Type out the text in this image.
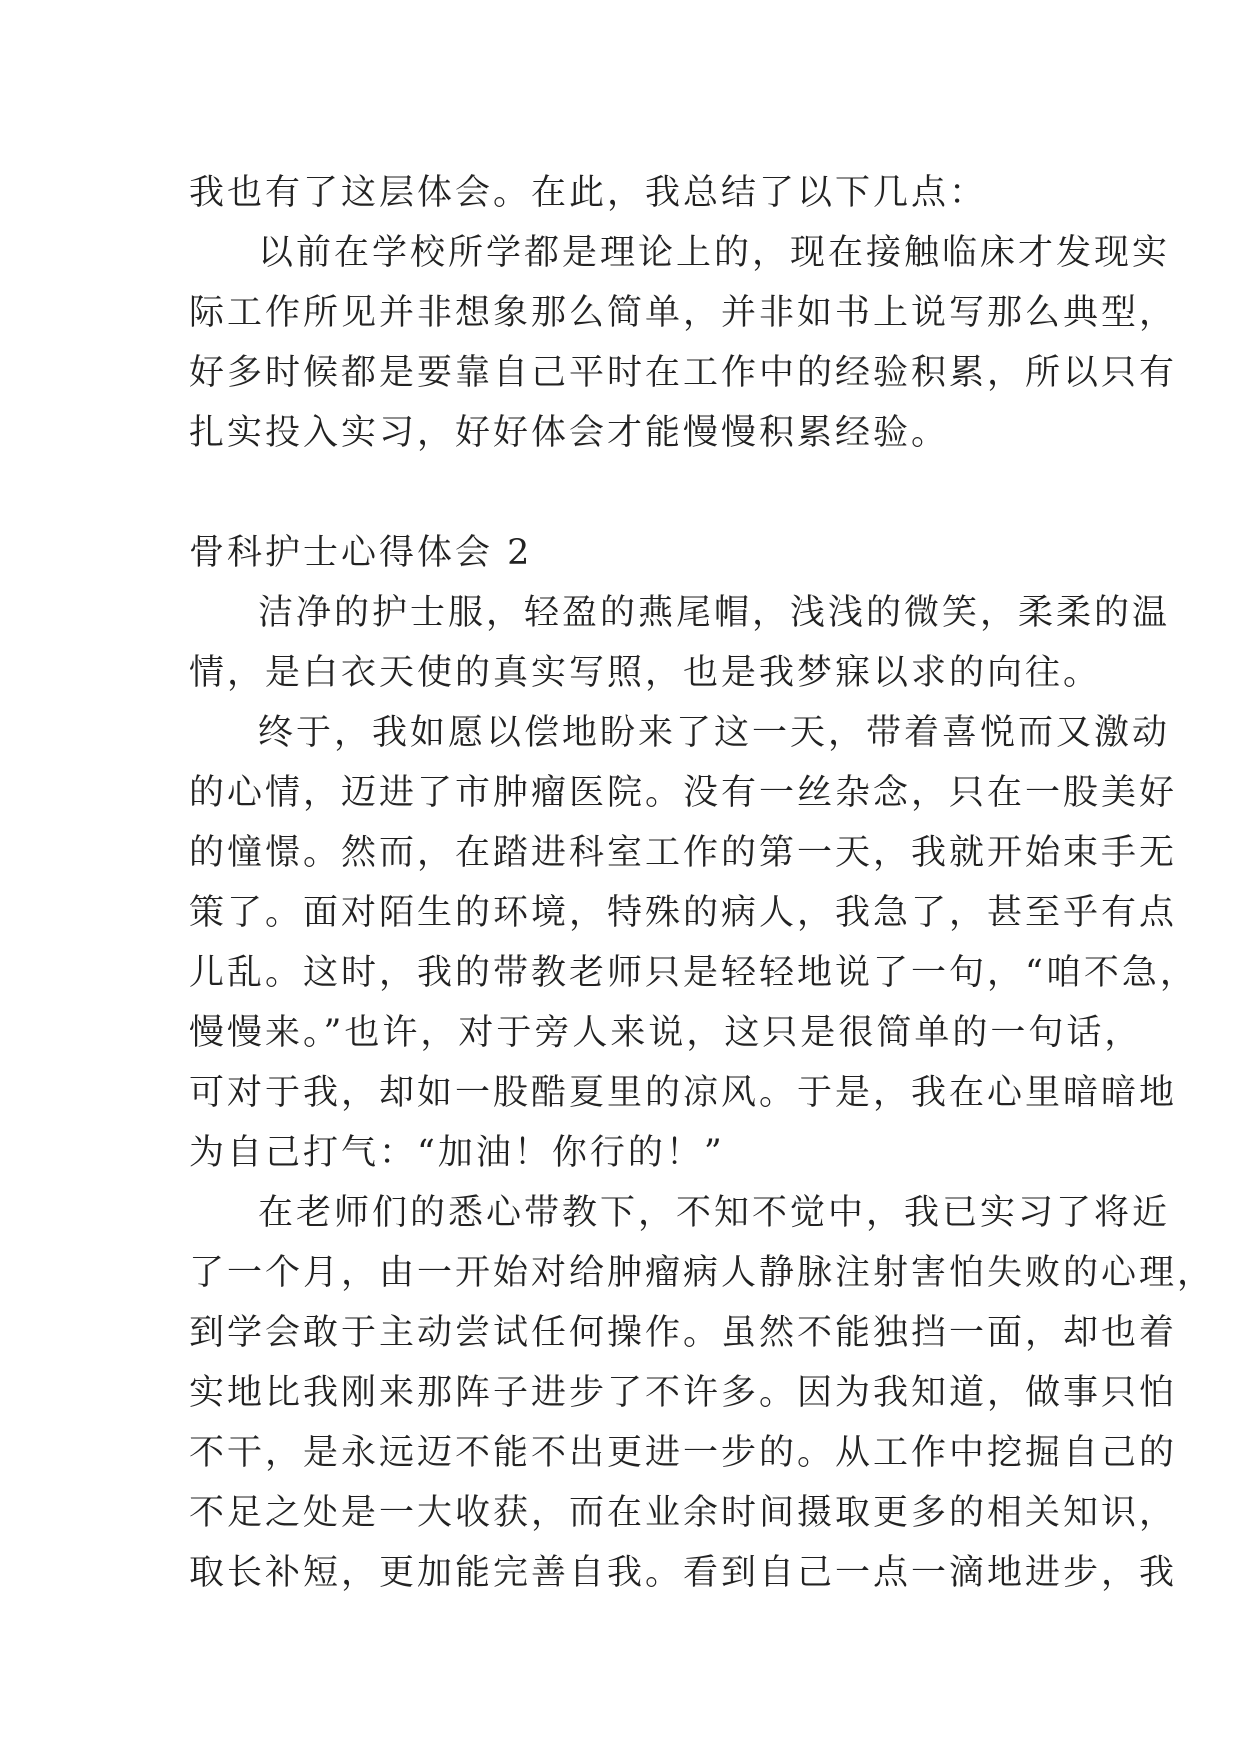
我也有了这层体会。在此，我总结了以下几点：
以前在学校所学都是理论上的，现在接触临床才发现实
际工作所见并非想象那么简单，并非如书上说写那么典型，
好多时候都是要靠自己平时在工作中的经验积累，所以只有
扎实投入实习，好好体会才能慢慢积累经验。
骨科护士心得体会 2
洁净的护士服，轻盈的燕尾帽，浅浅的微笑，柔柔的温
情，是白衣天使的真实写照，也是我梦寐以求的向往。
终于，我如愿以偿地盼来了这一天，带着喜悦而又激动
的心情，迈进了市肿瘤医院。没有一丝杂念，只在一股美好
的憧憬。然而，在踏进科室工作的第一天，我就开始束手无
策了。面对陌生的环境，特殊的病人，我急了，甚至乎有点
儿乱。这时，我的带教老师只是轻轻地说了一句，“咱不急，
慢慢来。”也许，对于旁人来说，这只是很简单的一句话，
可对于我，却如一股酷夏里的凉风。于是，我在心里暗暗地
为自己打气：“加油！你行的！”
在老师们的悉心带教下，不知不觉中，我已实习了将近
了一个月，由一开始对给肿瘤病人静脉注射害怕失败的心理，
到学会敢于主动尝试任何操作。虽然不能独挡一面，却也着
实地比我刚来那阵子进步了不许多。因为我知道，做事只怕
不干，是永远迈不能不出更进一步的。从工作中挖掘自己的
不足之处是一大收获，而在业余时间摄取更多的相关知识，
取长补短，更加能完善自我。看到自己一点一滴地进步，我
